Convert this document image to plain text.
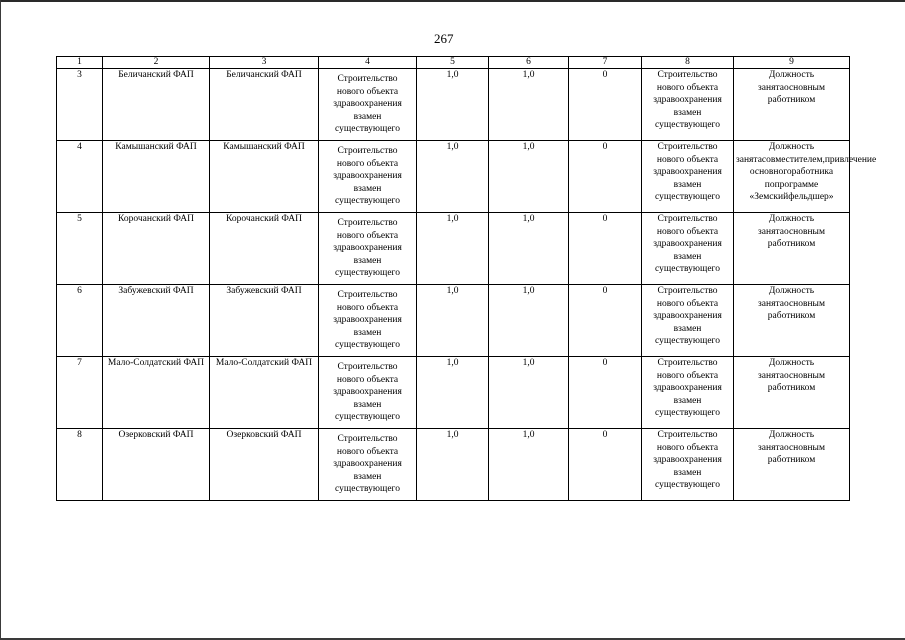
267
1	2	3	4	5	6	7	8	9
3	Беличанский ФАП	Беличанский ФАП	Строительство
нового объекта
здравоохранения
взамен
существующего	1,0	1,0	0	Строительство
нового объекта
здравоохранения
взамен
существующего	Должность занятаосновным работником

4	Камышанский ФАП	Камышанский ФАП	Строительство
нового объекта
здравоохранения
взамен
существующего	1,0	1,0	0	Строительство
нового объекта
здравоохранения
взамен
существующего	Должность занятасовместителем,привлечение основногоработника попрограмме «Земскийфельдшер»

5	Корочанский ФАП	Корочанский ФАП	Строительство
нового объекта
здравоохранения
взамен
существующего	1,0	1,0	0	Строительство
нового объекта
здравоохранения
взамен
существующего	Должность занятаосновным работником

6	Забужевский ФАП	Забужевский ФАП	Строительство
нового объекта
здравоохранения
взамен
существующего	1,0	1,0	0	Строительство
нового объекта
здравоохранения
взамен
существующего	Должность занятаосновным работником

7	Мало-Солдатский ФАП	Мало-Солдатский ФАП	Строительство
нового объекта
здравоохранения
взамен
существующего	1,0	1,0	0	Строительство
нового объекта
здравоохранения
взамен
существующего	Должность занятаосновным работником

8	Озерковский ФАП	Озерковский ФАП	Строительство
нового объекта
здравоохранения
взамен
существующего	1,0	1,0	0	Строительство
нового объекта
здравоохранения
взамен
существующего	Должность занятаосновным работником
